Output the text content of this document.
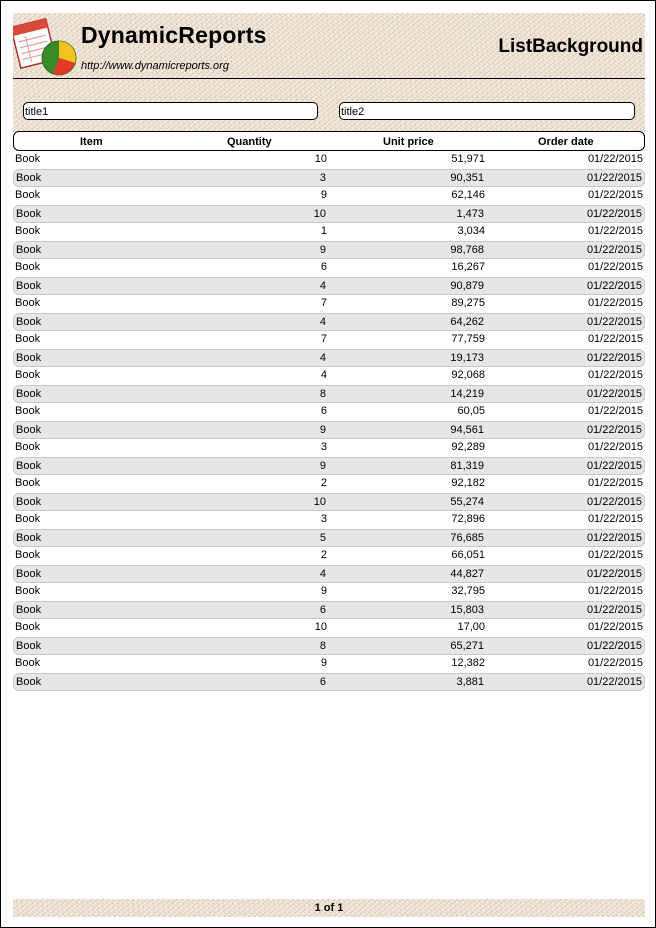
DynamicReports
http://www.dynamicreports.org
ListBackground
title1	title2
Item	Quantity	Unit price	Order date
Book	10	51,971	01/22/2015
Book	3	90,351	01/22/2015
Book	9	62,146	01/22/2015
Book	10	1,473	01/22/2015
Book	1	3,034	01/22/2015
Book	9	98,768	01/22/2015
Book	6	16,267	01/22/2015
Book	4	90,879	01/22/2015
Book	7	89,275	01/22/2015
Book	4	64,262	01/22/2015
Book	7	77,759	01/22/2015
Book	4	19,173	01/22/2015
Book	4	92,068	01/22/2015
Book	8	14,219	01/22/2015
Book	6	60,05	01/22/2015
Book	9	94,561	01/22/2015
Book	3	92,289	01/22/2015
Book	9	81,319	01/22/2015
Book	2	92,182	01/22/2015
Book	10	55,274	01/22/2015
Book	3	72,896	01/22/2015
Book	5	76,685	01/22/2015
Book	2	66,051	01/22/2015
Book	4	44,827	01/22/2015
Book	9	32,795	01/22/2015
Book	6	15,803	01/22/2015
Book	10	17,00	01/22/2015
Book	8	65,271	01/22/2015
Book	9	12,382	01/22/2015
Book	6	3,881	01/22/2015
1 of 1
